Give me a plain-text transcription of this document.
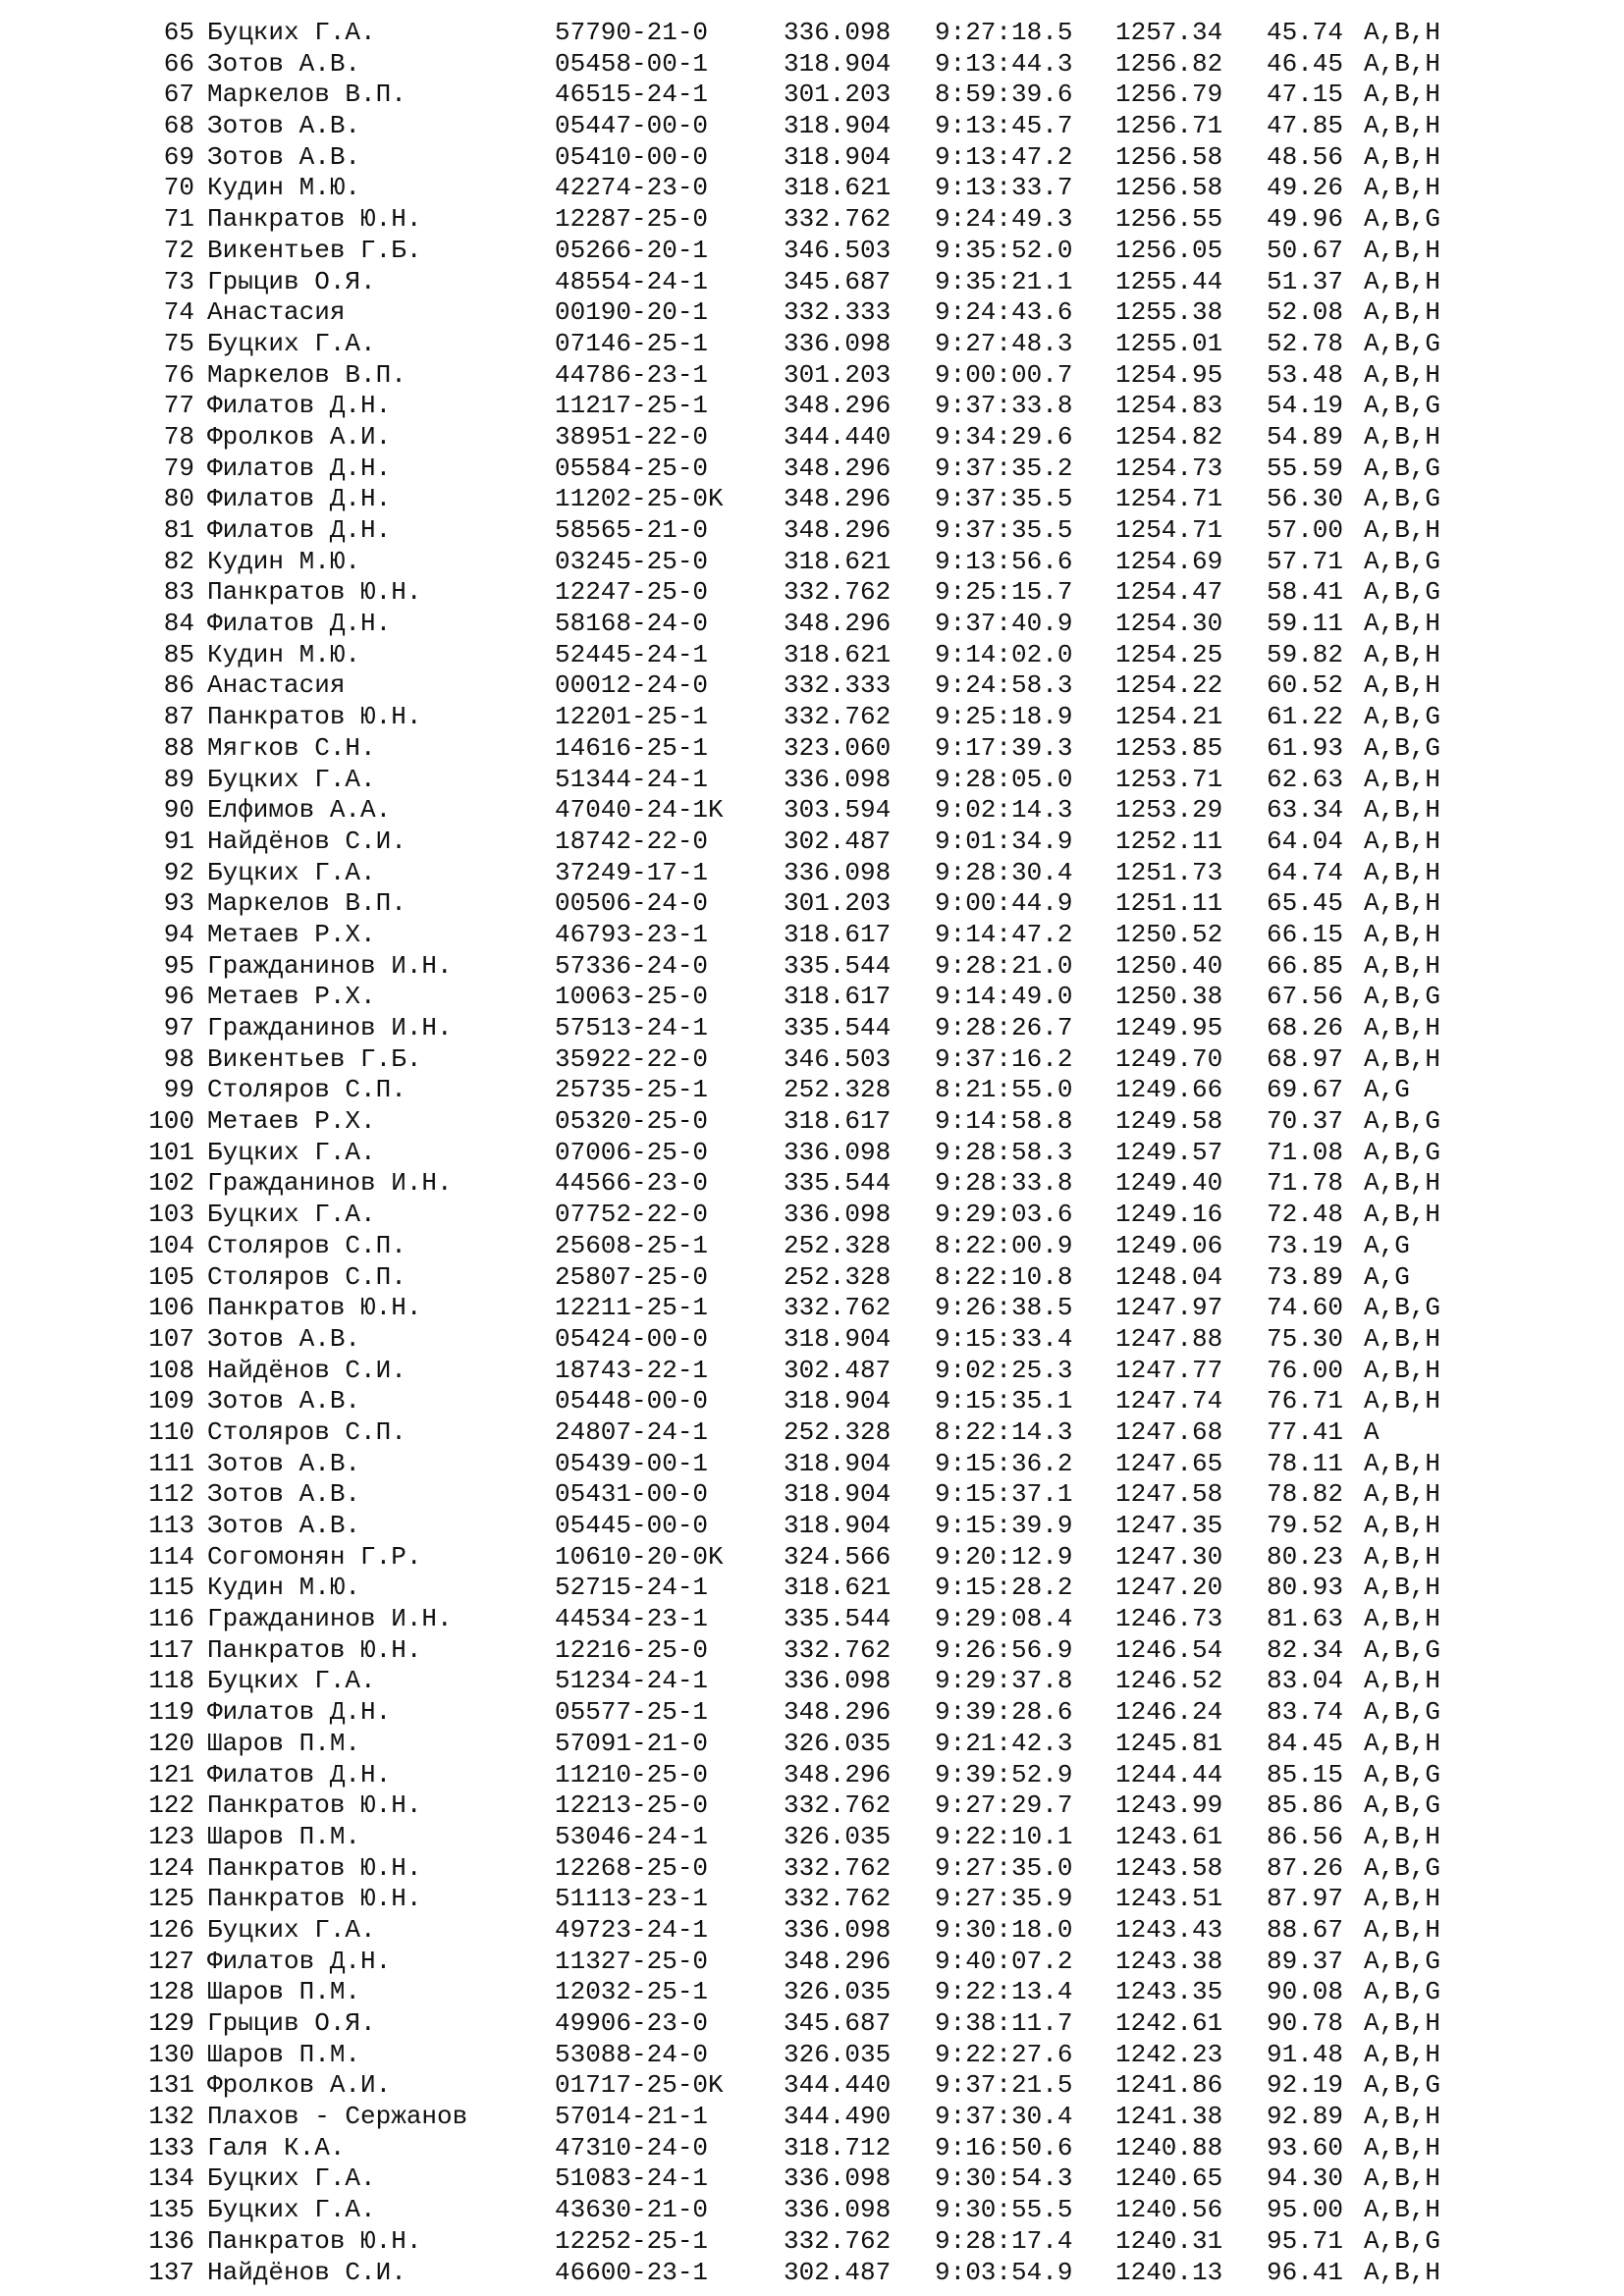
65 Буцких Г.А.	57790-21-0	336.098 9:27:18.5 1257.34 45.74 A,B,H
66 Зотов А.В.	05458-00-1	318.904 9:13:44.3 1256.82 46.45 A,B,H
67 Маркелов В.П.	46515-24-1	301.203 8:59:39.6 1256.79 47.15 A,B,H
68 Зотов А.В.	05447-00-0	318.904 9:13:45.7 1256.71 47.85 A,B,H
69 Зотов А.В.	05410-00-0	318.904 9:13:47.2 1256.58 48.56 A,B,H
70 Кудин М.Ю.	42274-23-0	318.621 9:13:33.7 1256.58 49.26 A,B,H
71 Панкратов Ю.Н.	12287-25-0	332.762 9:24:49.3 1256.55 49.96 A,B,G
72 Викентьев Г.Б.	05266-20-1	346.503 9:35:52.0 1256.05 50.67 A,B,H
73 Грыцив О.Я.	48554-24-1	345.687 9:35:21.1 1255.44 51.37 A,B,H
74 Анастасия	00190-20-1	332.333 9:24:43.6 1255.38 52.08 A,B,H
75 Буцких Г.А.	07146-25-1	336.098 9:27:48.3 1255.01 52.78 A,B,G
76 Маркелов В.П.	44786-23-1	301.203 9:00:00.7 1254.95 53.48 A,B,H
77 Филатов Д.Н.	11217-25-1	348.296 9:37:33.8 1254.83 54.19 A,B,G
78 Фролков А.И.	38951-22-0	344.440 9:34:29.6 1254.82 54.89 A,B,H
79 Филатов Д.Н.	05584-25-0	348.296 9:37:35.2 1254.73 55.59 A,B,G
80 Филатов Д.Н.	11202-25-0K 348.296 9:37:35.5 1254.71 56.30 A,B,G
81 Филатов Д.Н.	58565-21-0	348.296 9:37:35.5 1254.71 57.00 A,B,H
82 Кудин М.Ю.	03245-25-0	318.621 9:13:56.6 1254.69 57.71 A,B,G
83 Панкратов Ю.Н.	12247-25-0	332.762 9:25:15.7 1254.47 58.41 A,B,G
84 Филатов Д.Н.	58168-24-0	348.296 9:37:40.9 1254.30 59.11 A,B,H
85 Кудин М.Ю.	52445-24-1	318.621 9:14:02.0 1254.25 59.82 A,B,H
86 Анастасия	00012-24-0	332.333 9:24:58.3 1254.22 60.52 A,B,H
87 Панкратов Ю.Н.	12201-25-1	332.762 9:25:18.9 1254.21 61.22 A,B,G
88 Мягков С.Н.	14616-25-1	323.060 9:17:39.3 1253.85 61.93 A,B,G
89 Буцких Г.А.	51344-24-1	336.098 9:28:05.0 1253.71 62.63 A,B,H
90 Елфимов А.А.	47040-24-1K 303.594 9:02:14.3 1253.29 63.34 A,B,H
91 Найдёнов С.И.	18742-22-0	302.487 9:01:34.9 1252.11 64.04 A,B,H
92 Буцких Г.А.	37249-17-1	336.098 9:28:30.4 1251.73 64.74 A,B,H
93 Маркелов В.П.	00506-24-0	301.203 9:00:44.9 1251.11 65.45 A,B,H
94 Метаев Р.Х.	46793-23-1	318.617 9:14:47.2 1250.52 66.15 A,B,H
95 Гражданинов И.Н.	57336-24-0	335.544 9:28:21.0 1250.40 66.85 A,B,H
96 Метаев Р.Х.	10063-25-0	318.617 9:14:49.0 1250.38 67.56 A,B,G
97 Гражданинов И.Н.	57513-24-1	335.544 9:28:26.7 1249.95 68.26 A,B,H
98 Викентьев Г.Б.	35922-22-0	346.503 9:37:16.2 1249.70 68.97 A,B,H
99 Столяров С.П.	25735-25-1	252.328 8:21:55.0 1249.66 69.67 A,G
100 Метаев Р.Х.	05320-25-0	318.617 9:14:58.8 1249.58 70.37 A,B,G
101 Буцких Г.А.	07006-25-0	336.098 9:28:58.3 1249.57 71.08 A,B,G
102 Гражданинов И.Н.	44566-23-0	335.544 9:28:33.8 1249.40 71.78 A,B,H
103 Буцких Г.А.	07752-22-0	336.098 9:29:03.6 1249.16 72.48 A,B,H
104 Столяров С.П.	25608-25-1	252.328 8:22:00.9 1249.06 73.19 A,G
105 Столяров С.П.	25807-25-0	252.328 8:22:10.8 1248.04 73.89 A,G
106 Панкратов Ю.Н.	12211-25-1	332.762 9:26:38.5 1247.97 74.60 A,B,G
107 Зотов А.В.	05424-00-0	318.904 9:15:33.4 1247.88 75.30 A,B,H
108 Найдёнов С.И.	18743-22-1	302.487 9:02:25.3 1247.77 76.00 A,B,H
109 Зотов А.В.	05448-00-0	318.904 9:15:35.1 1247.74 76.71 A,B,H
110 Столяров С.П.	24807-24-1	252.328 8:22:14.3 1247.68 77.41 A
111 Зотов А.В.	05439-00-1	318.904 9:15:36.2 1247.65 78.11 A,B,H
112 Зотов А.В.	05431-00-0	318.904 9:15:37.1 1247.58 78.82 A,B,H
113 Зотов А.В.	05445-00-0	318.904 9:15:39.9 1247.35 79.52 A,B,H
114 Согомонян Г.Р.	10610-20-0K 324.566 9:20:12.9 1247.30 80.23 A,B,H
115 Кудин М.Ю.	52715-24-1	318.621 9:15:28.2 1247.20 80.93 A,B,H
116 Гражданинов И.Н.	44534-23-1	335.544 9:29:08.4 1246.73 81.63 A,B,H
117 Панкратов Ю.Н.	12216-25-0	332.762 9:26:56.9 1246.54 82.34 A,B,G
118 Буцких Г.А.	51234-24-1	336.098 9:29:37.8 1246.52 83.04 A,B,H
119 Филатов Д.Н.	05577-25-1	348.296 9:39:28.6 1246.24 83.74 A,B,G
120 Шаров П.М.	57091-21-0	326.035 9:21:42.3 1245.81 84.45 A,B,H
121 Филатов Д.Н.	11210-25-0	348.296 9:39:52.9 1244.44 85.15 A,B,G
122 Панкратов Ю.Н.	12213-25-0	332.762 9:27:29.7 1243.99 85.86 A,B,G
123 Шаров П.М.	53046-24-1	326.035 9:22:10.1 1243.61 86.56 A,B,H
124 Панкратов Ю.Н.	12268-25-0	332.762 9:27:35.0 1243.58 87.26 A,B,G
125 Панкратов Ю.Н.	51113-23-1	332.762 9:27:35.9 1243.51 87.97 A,B,H
126 Буцких Г.А.	49723-24-1	336.098 9:30:18.0 1243.43 88.67 A,B,H
127 Филатов Д.Н.	11327-25-0	348.296 9:40:07.2 1243.38 89.37 A,B,G
128 Шаров П.М.	12032-25-1	326.035 9:22:13.4 1243.35 90.08 A,B,G
129 Грыцив О.Я.	49906-23-0	345.687 9:38:11.7 1242.61 90.78 A,B,H
130 Шаров П.М.	53088-24-0	326.035 9:22:27.6 1242.23 91.48 A,B,H
131 Фролков А.И.	01717-25-0K 344.440 9:37:21.5 1241.86 92.19 A,B,G
132 Плахов - Сержанов	57014-21-1	344.490 9:37:30.4 1241.38 92.89 A,B,H
133 Галя К.А.	47310-24-0	318.712 9:16:50.6 1240.88 93.60 A,B,H
134 Буцких Г.А.	51083-24-1	336.098 9:30:54.3 1240.65 94.30 A,B,H
135 Буцких Г.А.	43630-21-0	336.098 9:30:55.5 1240.56 95.00 A,B,H
136 Панкратов Ю.Н.	12252-25-1	332.762 9:28:17.4 1240.31 95.71 A,B,G
137 Найдёнов С.И.	46600-23-1	302.487 9:03:54.9 1240.13 96.41 A,B,H
